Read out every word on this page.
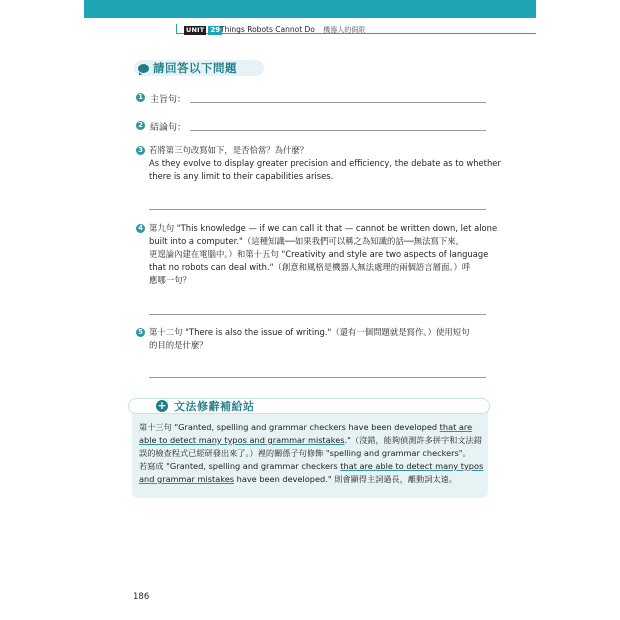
UNIT 29 Things Robots Cannot Do 機器人的侷限
請回答以下問題
1 主旨句：
2 結論句：
3 若將第三句改寫如下，是否恰當？為什麼？

As they evolve to display greater precision and efficiency, the debate as to whether

there is any limit to their capabilities arises.

4 第九句 "This knowledge — if we can call it that — cannot be written down, let alone

built into a computer."（這種知識──如果我們可以稱之為知識的話──無法寫下來，

更遑論內建在電腦中。）和第十五句 "Creativity and style are two aspects of language

that no robots can deal with."（創意和風格是機器人無法處理的兩個語言層面。）呼

應哪一句？

5 第十二句 "There is also the issue of writing."（還有一個問題就是寫作。）使用短句

的目的是什麼？

+ 文法修辭補給站

第十三句 "Granted, spelling and grammar checkers have been developed that are

able to detect many typos and grammar mistakes."（沒錯，能夠偵測許多拼字和文法錯

誤的檢查程式已經研發出來了。）裡的關係子句修飾 "spelling and grammar checkers"。

若寫成 "Granted, spelling and grammar checkers that are able to detect many typos

and grammar mistakes have been developed." 則會顯得主詞過長，離動詞太遠。

186
